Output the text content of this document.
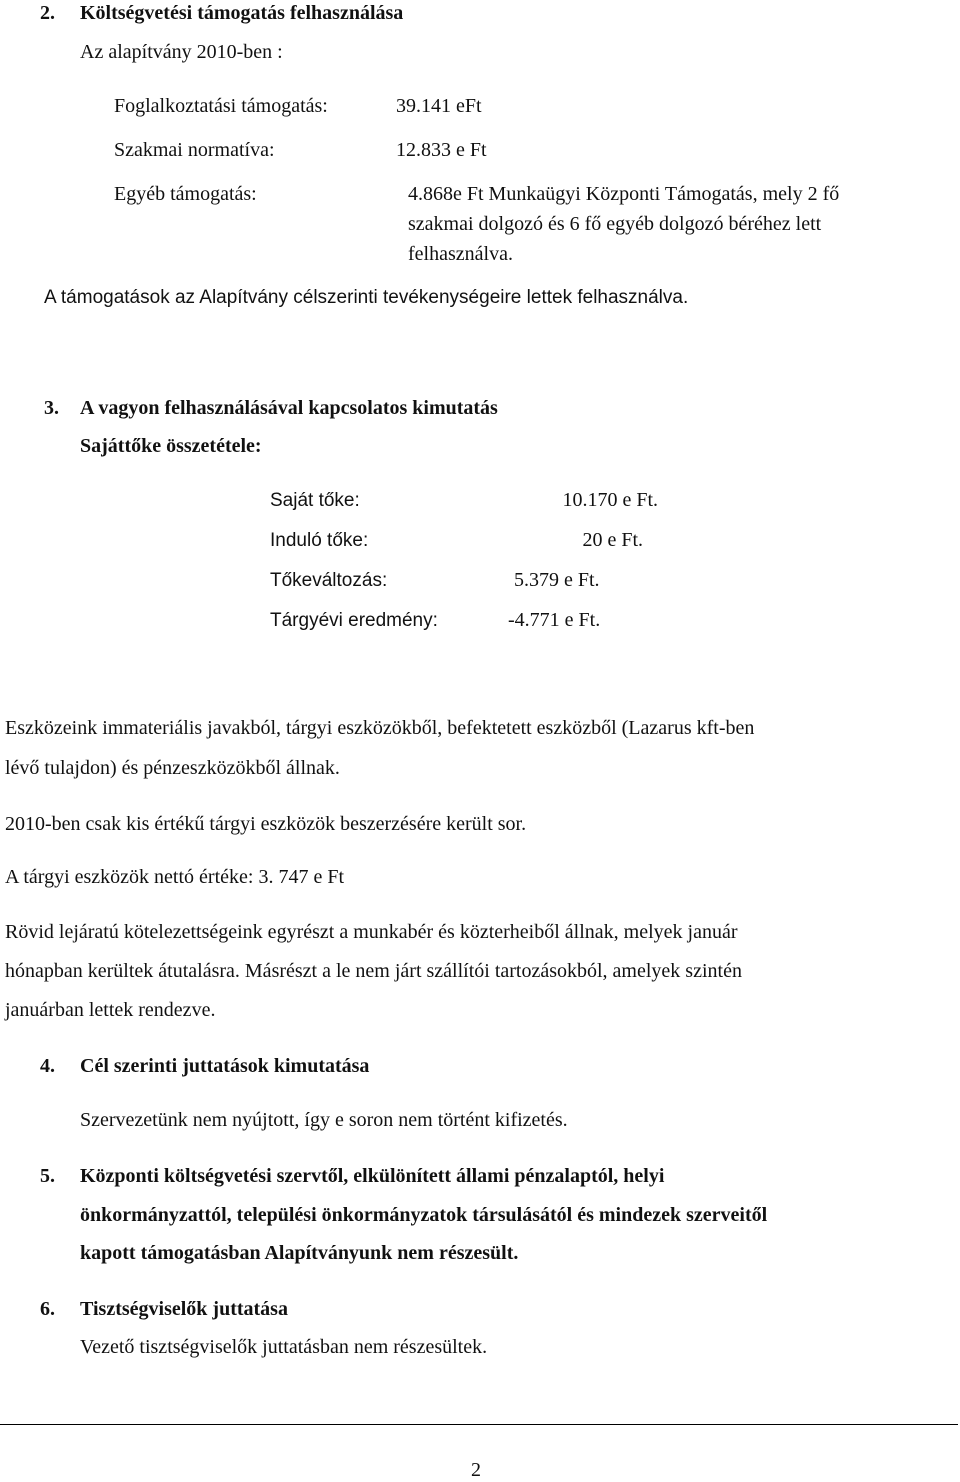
2. Költségvetési támogatás felhasználása
Az alapítvány 2010-ben :
Foglalkoztatási támogatás:	39.141 eFt
Szakmai normatíva:	12.833 e Ft
Egyéb támogatás:	4.868e Ft Munkaügyi Központi Támogatás, mely 2 fő
szakmai dolgozó és 6 fő egyéb dolgozó béréhez lett
felhasználva.
A támogatások az Alapítvány célszerinti tevékenységeire lettek felhasználva.
3. A vagyon felhasználásával kapcsolatos kimutatás
Sajáttőke összetétele:
Saját tőke:	10.170 e Ft.
Induló tőke:	20 e Ft.
Tőkeváltozás:	5.379 e Ft.
Tárgyévi eredmény:	-4.771 e Ft.
Eszközeink immateriális javakból, tárgyi eszközökből, befektetett eszközből (Lazarus kft-ben
lévő tulajdon) és pénzeszközökből állnak.
2010-ben csak kis értékű tárgyi eszközök beszerzésére került sor.
A tárgyi eszközök nettó értéke: 3. 747 e Ft
Rövid lejáratú kötelezettségeink egyrészt a munkabér és közterheiből állnak, melyek január
hónapban kerültek átutalásra. Másrészt a le nem járt szállítói tartozásokból, amelyek szintén
januárban lettek rendezve.
4. Cél szerinti juttatások kimutatása
Szervezetünk nem nyújtott, így e soron nem történt kifizetés.
5. Központi költségvetési szervtől, elkülönített állami pénzalaptól, helyi
önkormányzattól, települési önkormányzatok társulásától és mindezek szerveitől
kapott támogatásban Alapítványunk nem részesült.
6. Tisztségviselők juttatása
Vezető tisztségviselők juttatásban nem részesültek.
2
